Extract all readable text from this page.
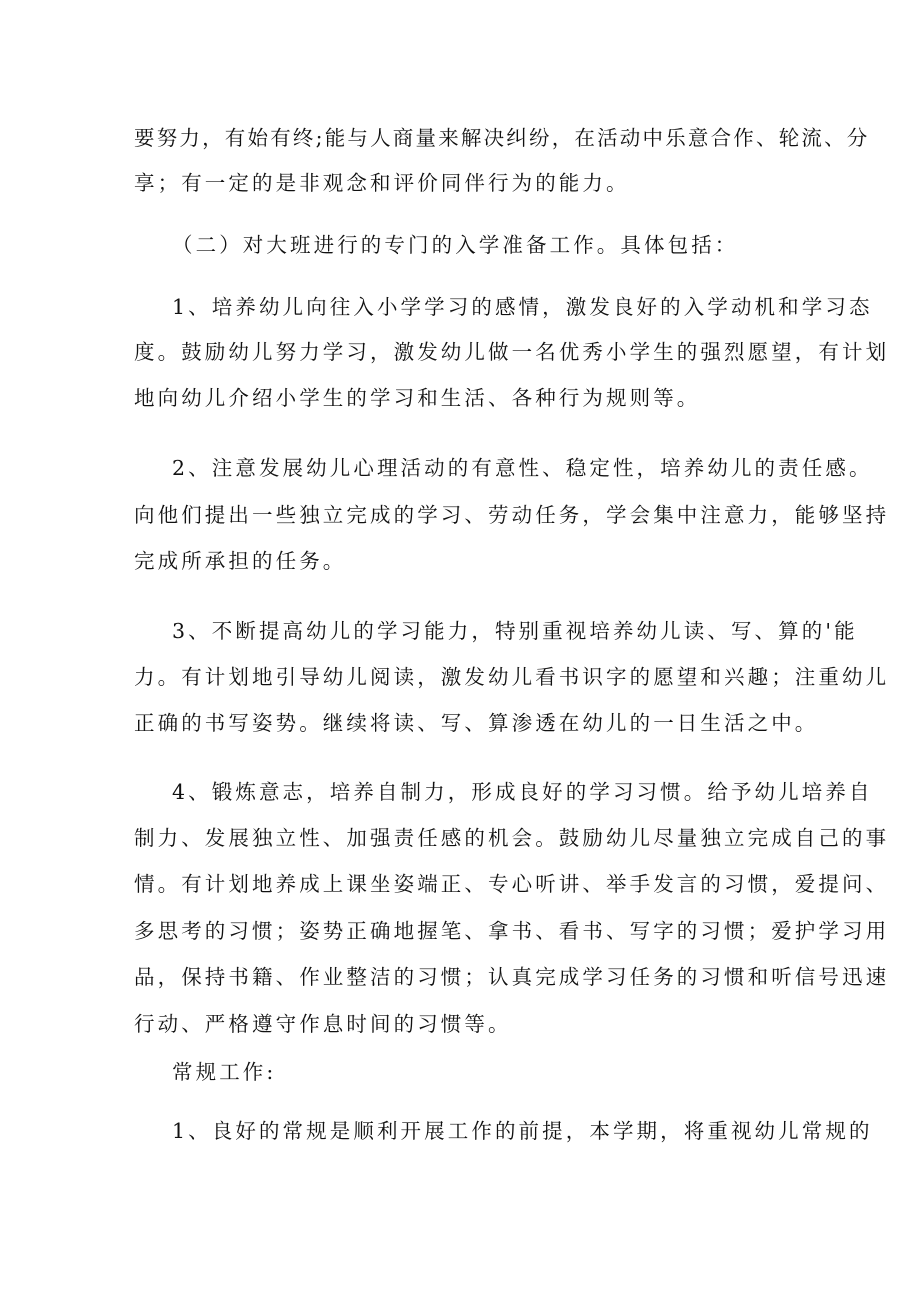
要努力，有始有终;能与人商量来解决纠纷，在活动中乐意合作、轮流、分
享；有一定的是非观念和评价同伴行为的能力。
（二）对大班进行的专门的入学准备工作。具体包括：
1、培养幼儿向往入小学学习的感情，激发良好的入学动机和学习态
度。鼓励幼儿努力学习，激发幼儿做一名优秀小学生的强烈愿望，有计划
地向幼儿介绍小学生的学习和生活、各种行为规则等。
2、注意发展幼儿心理活动的有意性、稳定性，培养幼儿的责任感。
向他们提出一些独立完成的学习、劳动任务，学会集中注意力，能够坚持
完成所承担的任务。
3、不断提高幼儿的学习能力，特别重视培养幼儿读、写、算的'能
力。有计划地引导幼儿阅读，激发幼儿看书识字的愿望和兴趣；注重幼儿
正确的书写姿势。继续将读、写、算渗透在幼儿的一日生活之中。
4、锻炼意志，培养自制力，形成良好的学习习惯。给予幼儿培养自
制力、发展独立性、加强责任感的机会。鼓励幼儿尽量独立完成自己的事
情。有计划地养成上课坐姿端正、专心听讲、举手发言的习惯，爱提问、
多思考的习惯；姿势正确地握笔、拿书、看书、写字的习惯；爱护学习用
品，保持书籍、作业整洁的习惯；认真完成学习任务的习惯和听信号迅速
行动、严格遵守作息时间的习惯等。
常规工作:
1、良好的常规是顺利开展工作的前提，本学期，将重视幼儿常规的
